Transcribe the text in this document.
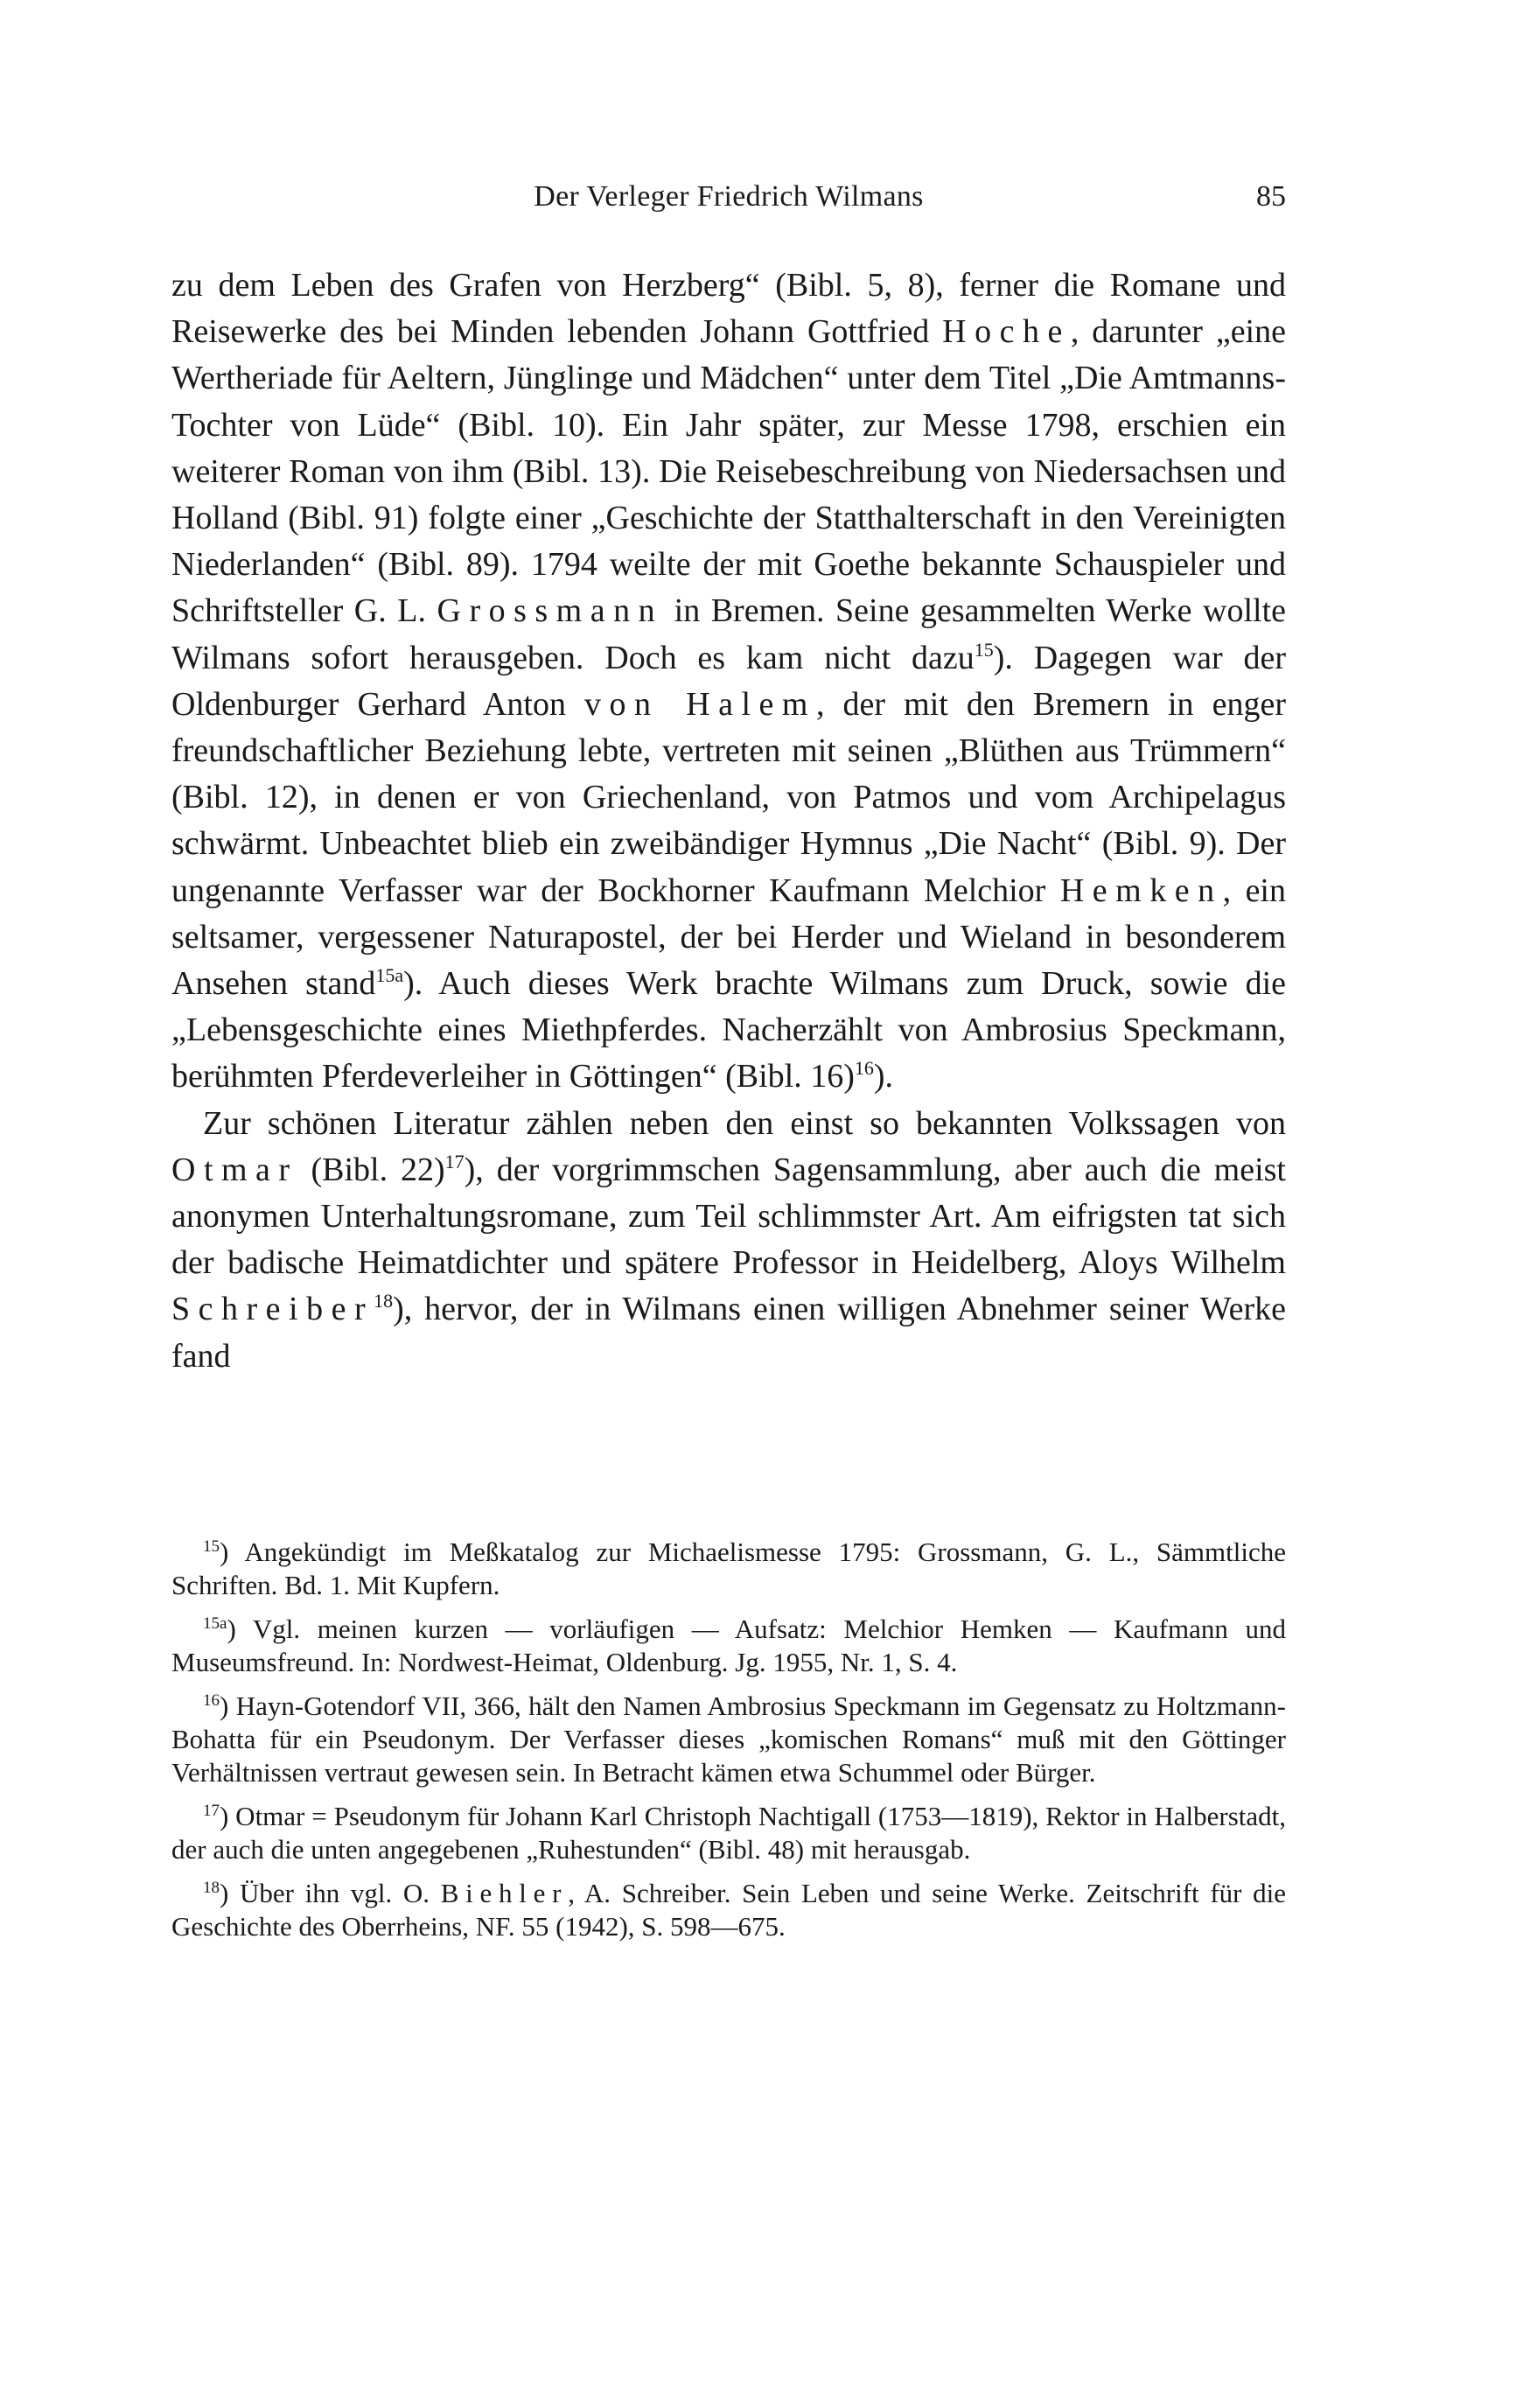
Der Verleger Friedrich Wilmans	85

zu dem Leben des Grafen von Herzberg“ (Bibl. 5, 8), ferner die Romane und Reisewerke des bei Minden lebenden Johann Gottfried Hoche, darunter „eine Wertheriade für Aeltern, Jünglinge und Mädchen“ unter dem Titel „Die Amtmanns-Tochter von Lüde“ (Bibl. 10). Ein Jahr später, zur Messe 1798, erschien ein weiterer Roman von ihm (Bibl. 13). Die Reisebeschreibung von Niedersachsen und Holland (Bibl. 91) folgte einer „Geschichte der Statthalterschaft in den Vereinigten Niederlanden“ (Bibl. 89). 1794 weilte der mit Goethe bekannte Schauspieler und Schriftsteller G. L. Grossmann in Bremen. Seine gesammelten Werke wollte Wilmans sofort herausgeben. Doch es kam nicht dazu$^{15}$). Dagegen war der Oldenburger Gerhard Anton von Halem, der mit den Bremern in enger freundschaftlicher Beziehung lebte, vertreten mit seinen „Blüthen aus Trümmern“ (Bibl. 12), in denen er von Griechenland, von Patmos und vom Archipelagus schwärmt. Unbeachtet blieb ein zweibändiger Hymnus „Die Nacht“ (Bibl. 9). Der ungenannte Verfasser war der Bockhorner Kaufmann Melchior Hemken, ein seltsamer, vergessener Naturapostel, der bei Herder und Wieland in besonderem Ansehen stand$^{15a}$). Auch dieses Werk brachte Wilmans zum Druck, sowie die „Lebensgeschichte eines Miethpferdes. Nacherzählt von Ambrosius Speckmann, berühmten Pferdeverleiher in Göttingen“ (Bibl. 16)$^{16}$).

Zur schönen Literatur zählen neben den einst so bekannten Volkssagen von Otmar (Bibl. 22)$^{17}$), der vorgrimmschen Sagensammlung, aber auch die meist anonymen Unterhaltungsromane, zum Teil schlimmster Art. Am eifrigsten tat sich der badische Heimatdichter und spätere Professor in Heidelberg, Aloys Wilhelm Schreiber$^{18}$), hervor, der in Wilmans einen willigen Abnehmer seiner Werke fand

$^{15}$) Angekündigt im Meßkatalog zur Michaelismesse 1795: Grossmann, G. L., Sämmtliche Schriften. Bd. 1. Mit Kupfern.

$^{15a}$) Vgl. meinen kurzen — vorläufigen — Aufsatz: Melchior Hemken — Kaufmann und Museumsfreund. In: Nordwest-Heimat, Oldenburg. Jg. 1955, Nr. 1, S. 4.

$^{16}$) Hayn-Gotendorf VII, 366, hält den Namen Ambrosius Speckmann im Gegensatz zu Holtzmann-Bohatta für ein Pseudonym. Der Verfasser dieses „komischen Romans“ muß mit den Göttinger Verhältnissen vertraut gewesen sein. In Betracht kämen etwa Schummel oder Bürger.

$^{17}$) Otmar = Pseudonym für Johann Karl Christoph Nachtigall (1753—1819), Rektor in Halberstadt, der auch die unten angegebenen „Ruhestunden“ (Bibl. 48) mit herausgab.

$^{18}$) Über ihn vgl. O. Biehler, A. Schreiber. Sein Leben und seine Werke. Zeitschrift für die Geschichte des Oberrheins, NF. 55 (1942), S. 598—675.
